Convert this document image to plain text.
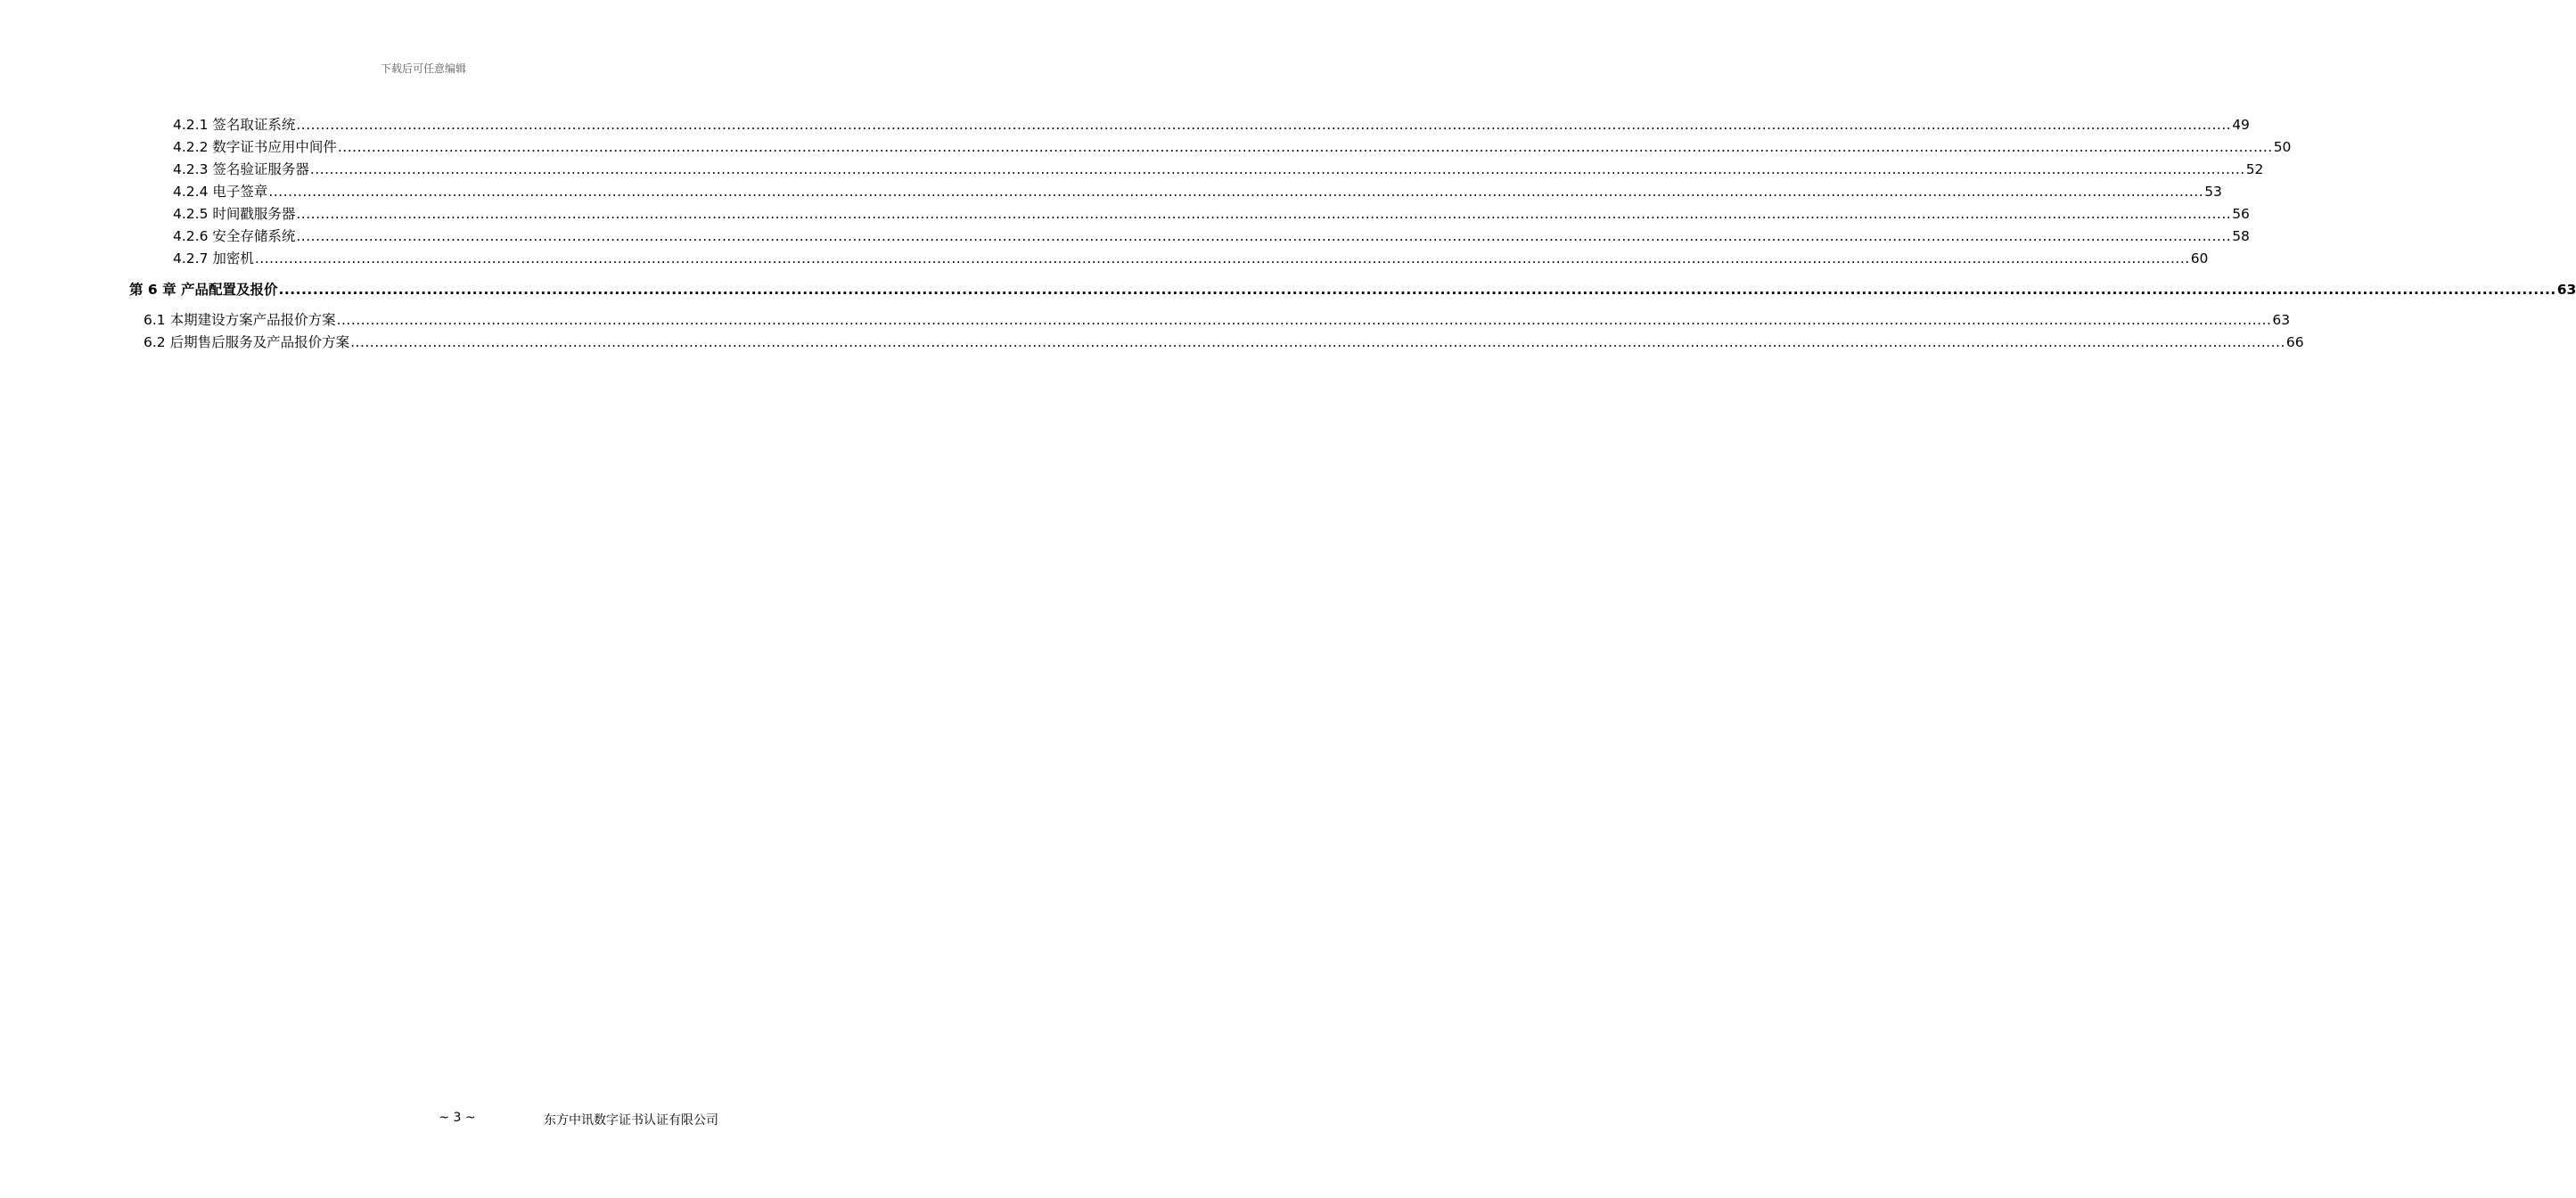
下载后可任意编辑
4.2.1 签名取证系统 ................................................................................................................................................................................................................................................................................................................................................................................................................ 49
4.2.2 数字证书应用中间件 ................................................................................................................................................................................................................................................................................................................................................................................................................ 50
4.2.3 签名验证服务器 ................................................................................................................................................................................................................................................................................................................................................................................................................ 52
4.2.4 电子签章 ................................................................................................................................................................................................................................................................................................................................................................................................................ 53
4.2.5 时间戳服务器 ................................................................................................................................................................................................................................................................................................................................................................................................................ 56
4.2.6 安全存储系统 ................................................................................................................................................................................................................................................................................................................................................................................................................ 58
4.2.7 加密机 ................................................................................................................................................................................................................................................................................................................................................................................................................ 60
第 6 章 产品配置及报价 ................................................................................................................................................................................................................................................................................................................................................................................................................ 63
6.1 本期建设方案产品报价方案 ................................................................................................................................................................................................................................................................................................................................................................................................................ 63
6.2 后期售后服务及产品报价方案 ................................................................................................................................................................................................................................................................................................................................................................................................................ 66
~ 3 ~	东方中讯数字证书认证有限公司
